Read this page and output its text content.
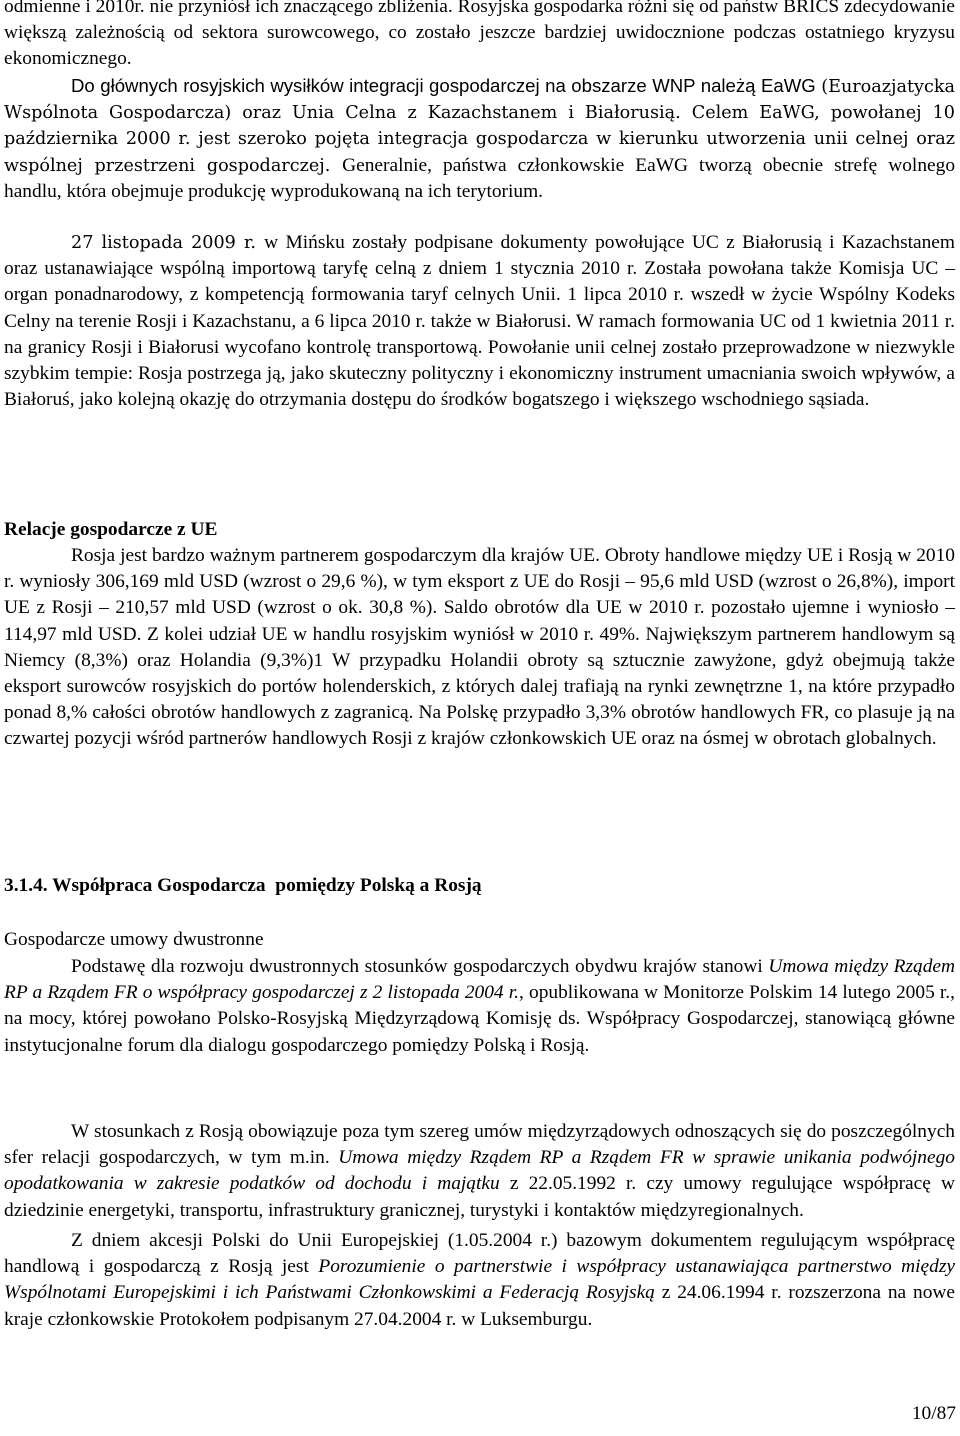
odmienne i 2010r. nie przyniósł ich znaczącego zbliżenia. Rosyjska gospodarka różni się od państw BRICS zdecydowanie większą zależnością od sektora surowcowego, co zostało jeszcze bardziej uwidocznione podczas ostatniego kryzysu ekonomicznego.

Do głównych rosyjskich wysiłków integracji gospodarczej na obszarze WNP należą EaWG (Euroazjatycka Wspólnota Gospodarcza) oraz Unia Celna z Kazachstanem i Białorusią. Celem EaWG, powołanej 10 października 2000 r. jest szeroko pojęta integracja gospodarcza w kierunku utworzenia unii celnej oraz wspólnej przestrzeni gospodarczej. Generalnie, państwa członkowskie EaWG tworzą obecnie strefę wolnego handlu, która obejmuje produkcję wyprodukowaną na ich terytorium.

27 listopada 2009 r. w Mińsku zostały podpisane dokumenty powołujące UC z Białorusią i Kazachstanem oraz ustanawiające wspólną importową taryfę celną z dniem 1 stycznia 2010 r. Została powołana także Komisja UC – organ ponadnarodowy, z kompetencją formowania taryf celnych Unii. 1 lipca 2010 r. wszedł w życie Wspólny Kodeks Celny na terenie Rosji i Kazachstanu, a 6 lipca 2010 r. także w Białorusi. W ramach formowania UC od 1 kwietnia 2011 r. na granicy Rosji i Białorusi wycofano kontrolę transportową. Powołanie unii celnej zostało przeprowadzone w niezwykle szybkim tempie: Rosja postrzega ją, jako skuteczny polityczny i ekonomiczny instrument umacniania swoich wpływów, a Białoruś, jako kolejną okazję do otrzymania dostępu do środków bogatszego i większego wschodniego sąsiada.

Relacje gospodarcze z UE

Rosja jest bardzo ważnym partnerem gospodarczym dla krajów UE. Obroty handlowe między UE i Rosją w 2010 r. wyniosły 306,169 mld USD (wzrost o 29,6 %), w tym eksport z UE do Rosji – 95,6 mld USD (wzrost o 26,8%), import UE z Rosji – 210,57 mld USD (wzrost o ok. 30,8 %). Saldo obrotów dla UE w 2010 r. pozostało ujemne i wyniosło – 114,97 mld USD. Z kolei udział UE w handlu rosyjskim wyniósł w 2010 r. 49%. Największym partnerem handlowym są Niemcy (8,3%) oraz Holandia (9,3%)1 W przypadku Holandii obroty są sztucznie zawyżone, gdyż obejmują także eksport surowców rosyjskich do portów holenderskich, z których dalej trafiają na rynki zewnętrzne 1, na które przypadło ponad 8,% całości obrotów handlowych z zagranicą. Na Polskę przypadło 3,3% obrotów handlowych FR, co plasuje ją na czwartej pozycji wśród partnerów handlowych Rosji z krajów członkowskich UE oraz na ósmej w obrotach globalnych.

3.1.4. Współpraca Gospodarcza  pomiędzy Polską a Rosją

Gospodarcze umowy dwustronne

Podstawę dla rozwoju dwustronnych stosunków gospodarczych obydwu krajów stanowi Umowa między Rządem RP a Rządem FR o współpracy gospodarczej z 2 listopada 2004 r., opublikowana w Monitorze Polskim 14 lutego 2005 r., na mocy, której powołano Polsko-Rosyjską Międzyrządową Komisję ds. Współpracy Gospodarczej, stanowiącą główne instytucjonalne forum dla dialogu gospodarczego pomiędzy Polską i Rosją.

W stosunkach z Rosją obowiązuje poza tym szereg umów międzyrządowych odnoszących się do poszczególnych sfer relacji gospodarczych, w tym m.in. Umowa między Rządem RP a Rządem FR w sprawie unikania podwójnego opodatkowania w zakresie podatków od dochodu i majątku z 22.05.1992 r. czy umowy regulujące współpracę w dziedzinie energetyki, transportu, infrastruktury granicznej, turystyki i kontaktów międzyregionalnych.

Z dniem akcesji Polski do Unii Europejskiej (1.05.2004 r.) bazowym dokumentem regulującym współpracę handlową i gospodarczą z Rosją jest Porozumienie o partnerstwie i współpracy ustanawiająca partnerstwo między Wspólnotami Europejskimi i ich Państwami Członkowskimi a Federacją Rosyjską z 24.06.1994 r. rozszerzona na nowe kraje członkowskie Protokołem podpisanym 27.04.2004 r. w Luksemburgu.

10/87
